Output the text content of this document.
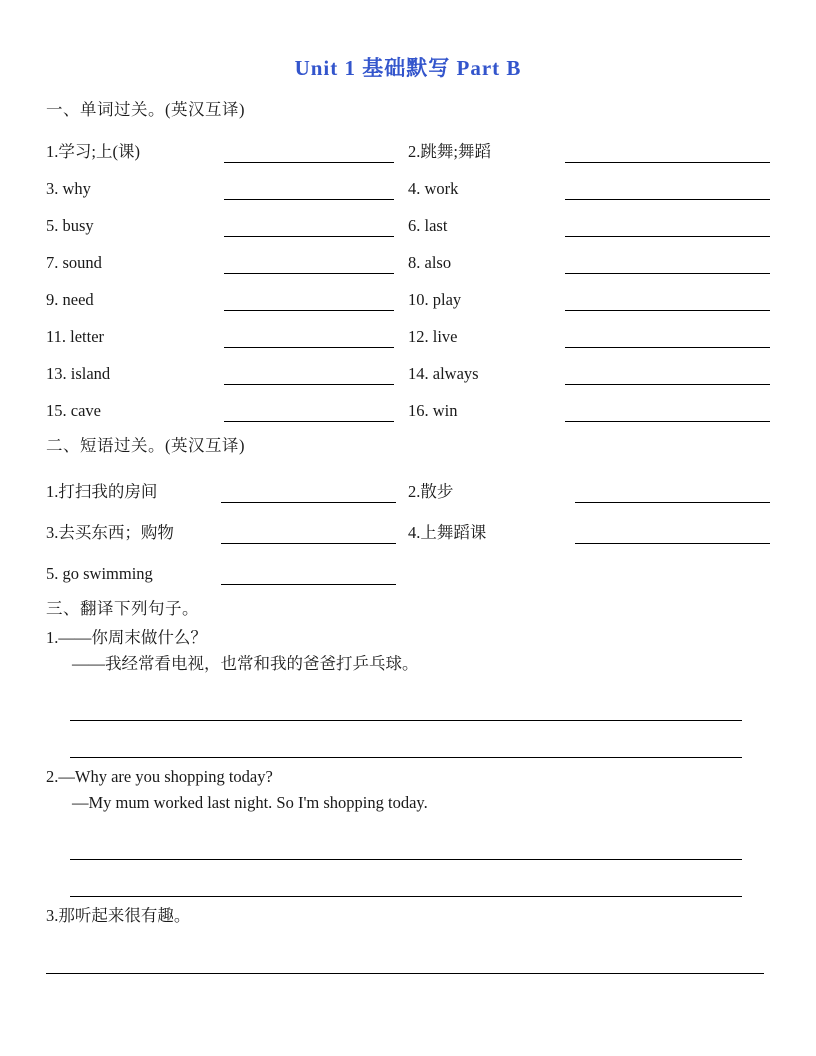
Unit 1 基础默写 Part B
一、单词过关。(英汉互译)
1.学习;上(课)	2.跳舞;舞蹈
3. why	4. work
5. busy	6. last
7. sound	8. also
9. need	10. play
11. letter	12. live
13. island	14. always
15. cave	16. win
二、短语过关。(英汉互译)
1.打扫我的房间	2.散步
3.去买东西；购物	4.上舞蹈课
5. go swimming
三、翻译下列句子。
1.——你周末做什么？
——我经常看电视，也常和我的爸爸打乒乓球。
2.—Why are you shopping today?
—My mum worked last night. So I'm shopping today.
3.那听起来很有趣。
